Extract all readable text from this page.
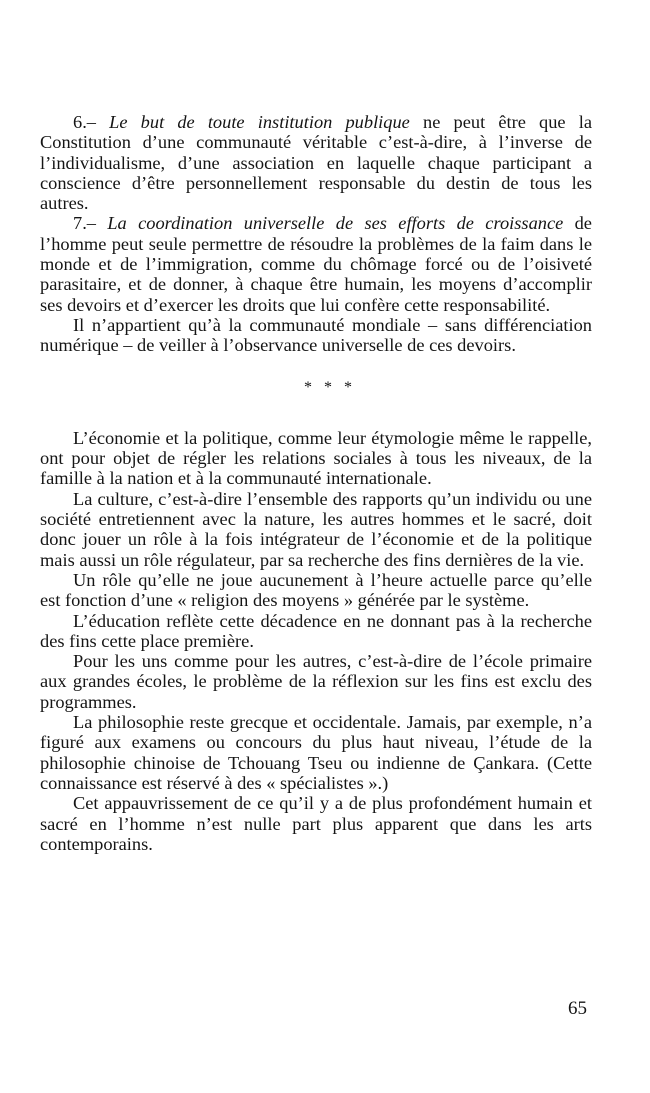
6.– Le but de toute institution publique ne peut être que la Constitution d’une communauté véritable c’est-à-dire, à l’inverse de l’individualisme, d’une association en laquelle chaque participant a conscience d’être personnellement responsable du destin de tous les autres.

7.– La coordination universelle de ses efforts de croissance de l’homme peut seule permettre de résoudre la problèmes de la faim dans le monde et de l’immigration, comme du chômage forcé ou de l’oisiveté parasitaire, et de donner, à chaque être humain, les moyens d’accomplir ses devoirs et d’exercer les droits que lui confère cette responsabilité.

Il n’appartient qu’à la communauté mondiale – sans différenciation numérique – de veiller à l’observance universelle de ces devoirs.

* * *

L’économie et la politique, comme leur étymologie même le rappelle, ont pour objet de régler les relations sociales à tous les niveaux, de la famille à la nation et à la communauté internationale.

La culture, c’est-à-dire l’ensemble des rapports qu’un individu ou une société entretiennent avec la nature, les autres hommes et le sacré, doit donc jouer un rôle à la fois intégrateur de l’économie et de la politique mais aussi un rôle régulateur, par sa recherche des fins dernières de la vie.

Un rôle qu’elle ne joue aucunement à l’heure actuelle parce qu’elle est fonction d’une « religion des moyens » générée par le système.

L’éducation reflète cette décadence en ne donnant pas à la recherche des fins cette place première.

Pour les uns comme pour les autres, c’est-à-dire de l’école primaire aux grandes écoles, le problème de la réflexion sur les fins est exclu des programmes.

La philosophie reste grecque et occidentale. Jamais, par exemple, n’a figuré aux examens ou concours du plus haut niveau, l’étude de la philosophie chinoise de Tchouang Tseu ou indienne de Çankara. (Cette connaissance est réservé à des « spécialistes ».)

Cet appauvrissement de ce qu’il y a de plus profondément humain et sacré en l’homme n’est nulle part plus apparent que dans les arts contemporains.

65
